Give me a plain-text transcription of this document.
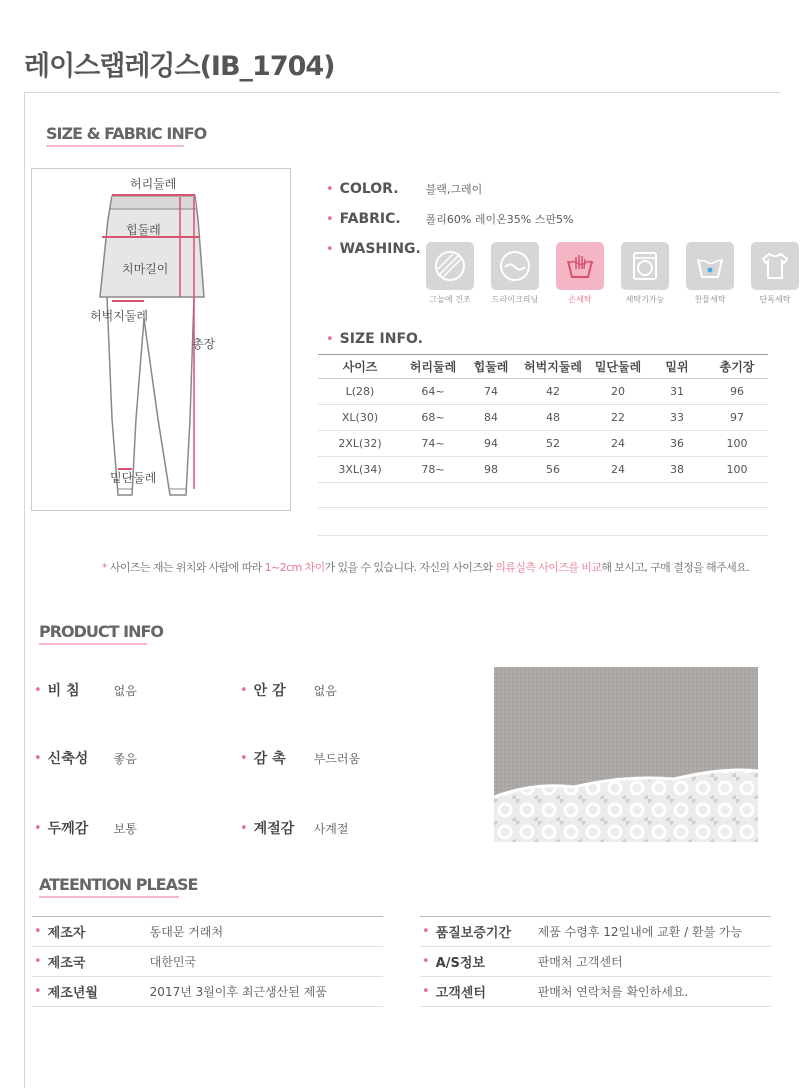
레이스랩레깅스(IB_1704)
SIZE & FABRIC INFO
허리둘레
힙둘레
치마길이
허벅지둘레
총장
밑단둘레
• COLOR.	블랙,그레이
• FABRIC.	폴리60% 레이온35% 스판5%
• WASHING.
그늘에 건조	드라이크리닝	손세탁	세탁기가능	찬물세탁	단독세탁
• SIZE INFO.
사이즈	허리둘레	힙둘레	허벅지둘레	밑단둘레	밑위	총기장
L(28)	64~	74	42	20	31	96
XL(30)	68~	84	48	22	33	97
2XL(32)	74~	94	52	24	36	100
3XL(34)	78~	98	56	24	38	100
* 사이즈는 재는 위치와 사람에 따라 1~2cm 차이가 있을 수 있습니다. 자신의 사이즈와 의류실측 사이즈를 비교해 보시고, 구매 결정을 해주세요.
PRODUCT INFO
• 비 침	없음	• 안 감	없음
• 신축성	좋음	• 감 촉	부드러움
• 두께감	보통	• 계절감	사계절
ATEENTION PLEASE
• 제조자	동대문 거래처
• 제조국	대한민국
• 제조년월	2017년 3월이후 최근생산된 제품
• 품질보증기간	제품 수령후 12일내에 교환 / 환불 가능
• A/S정보	판매처 고객센터
• 고객센터	판매처 연락처를 확인하세요.
